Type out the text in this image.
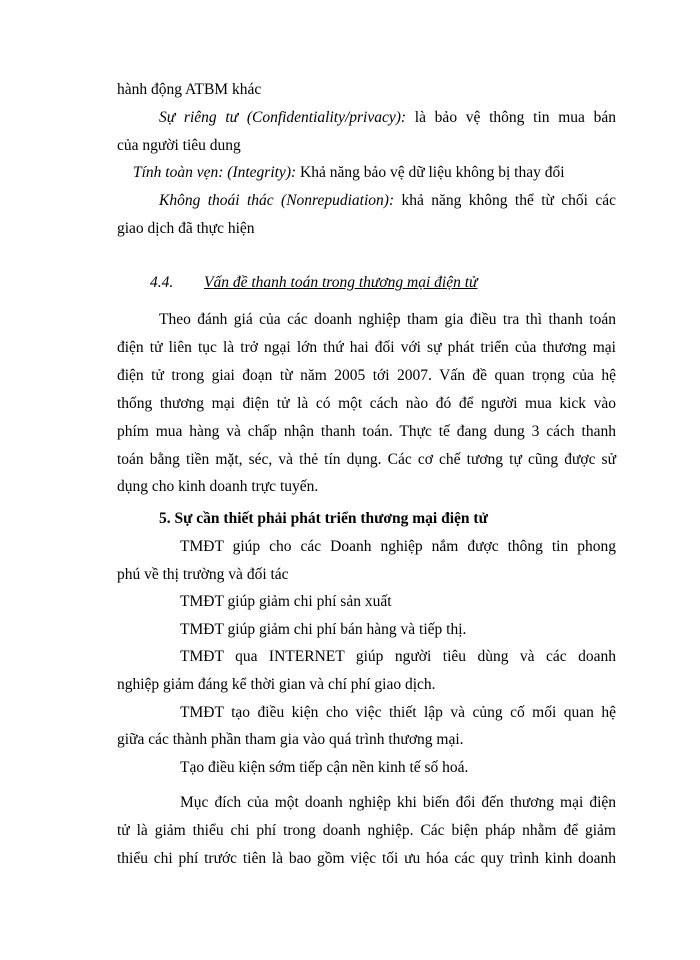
hành động ATBM khác
Sự riêng tư (Confidentiality/privacy): là bảo vệ thông tin mua bán
của người tiêu dung
Tính toàn vẹn: (Integrity): Khả năng bảo vệ dữ liệu không bị thay đổi
Không thoái thác (Nonrepudiation): khả năng không thể từ chối các
giao dịch đã thực hiện
4.4. Vấn đề thanh toán trong thương mại điện tử
Theo đánh giá của các doanh nghiệp tham gia điều tra thì thanh toán
điện tử liên tục là trở ngại lớn thứ hai đối với sự phát triển của thương mại
điện tử trong giai đoạn từ năm 2005 tới 2007. Vấn đề quan trọng của hệ
thống thương mại điện tử là có một cách nào đó để người mua kick vào
phím mua hàng và chấp nhận thanh toán. Thực tế đang dung 3 cách thanh
toán bằng tiền mặt, séc, và thẻ tín dụng. Các cơ chế tương tự cũng được sử
dụng cho kinh doanh trực tuyến.
5. Sự cần thiết phải phát triển thương mại điện tử
TMĐT giúp cho các Doanh nghiệp nắm được thông tin phong
phú về thị trường và đối tác
TMĐT giúp giảm chi phí sản xuất
TMĐT giúp giảm chi phí bán hàng và tiếp thị.
TMĐT qua INTERNET giúp người tiêu dùng và các doanh
nghiệp giảm đáng kể thời gian và chí phí giao dịch.
TMĐT tạo điều kiện cho việc thiết lập và củng cố mối quan hệ
giữa các thành phần tham gia vào quá trình thương mại.
Tạo điều kiện sớm tiếp cận nền kinh tế số hoá.
Mục đích của một doanh nghiệp khi biến đổi đến thương mại điện
tử là giảm thiểu chi phí trong doanh nghiệp. Các biện pháp nhằm để giảm
thiểu chi phí trước tiên là bao gồm việc tối ưu hóa các quy trình kinh doanh
